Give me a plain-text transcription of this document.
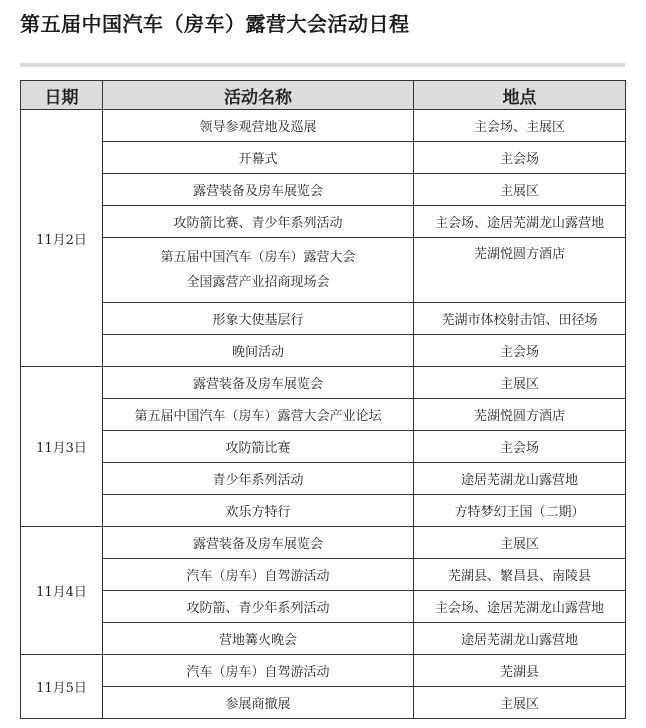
第五届中国汽车（房车）露营大会活动日程
日期	活动名称	地点
11月2日	领导参观营地及巡展	主会场、主展区

	开幕式	主会场

	露营装备及房车展览会	主展区

	攻防箭比赛、青少年系列活动	主会场、途居芜湖龙山露营地

	第五届中国汽车（房车）露营大会
全国露营产业招商现场会	芜湖悦圆方酒店

	形象大使基层行	芜湖市体校射击馆、田径场

	晚间活动	主会场
11月3日	露营装备及房车展览会	主展区

	第五届中国汽车（房车）露营大会产业论坛	芜湖悦圆方酒店

	攻防箭比赛	主会场

	青少年系列活动	途居芜湖龙山露营地

	欢乐方特行	方特梦幻王国（二期）
11月4日	露营装备及房车展览会	主展区

	汽车（房车）自驾游活动	芜湖县、繁昌县、南陵县

	攻防箭、青少年系列活动	主会场、途居芜湖龙山露营地

	营地篝火晚会	途居芜湖龙山露营地
11月5日	汽车（房车）自驾游活动	芜湖县

	参展商撤展	主展区
